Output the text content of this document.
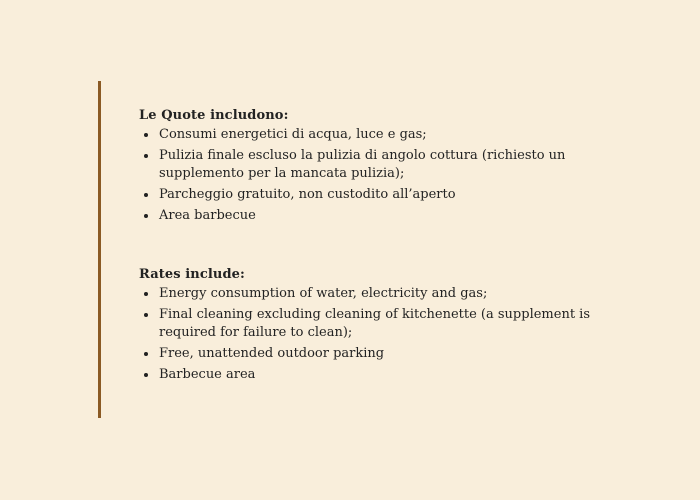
Le Quote includono:
Consumi energetici di acqua, luce e gas;
Pulizia finale escluso la pulizia di angolo cottura (richiesto un supplemento per la mancata pulizia);
Parcheggio gratuito, non custodito all’aperto
Area barbecue
Rates include:
Energy consumption of water, electricity and gas;
Final cleaning excluding cleaning of kitchenette (a supplement is required for failure to clean);
Free, unattended outdoor parking
Barbecue area
